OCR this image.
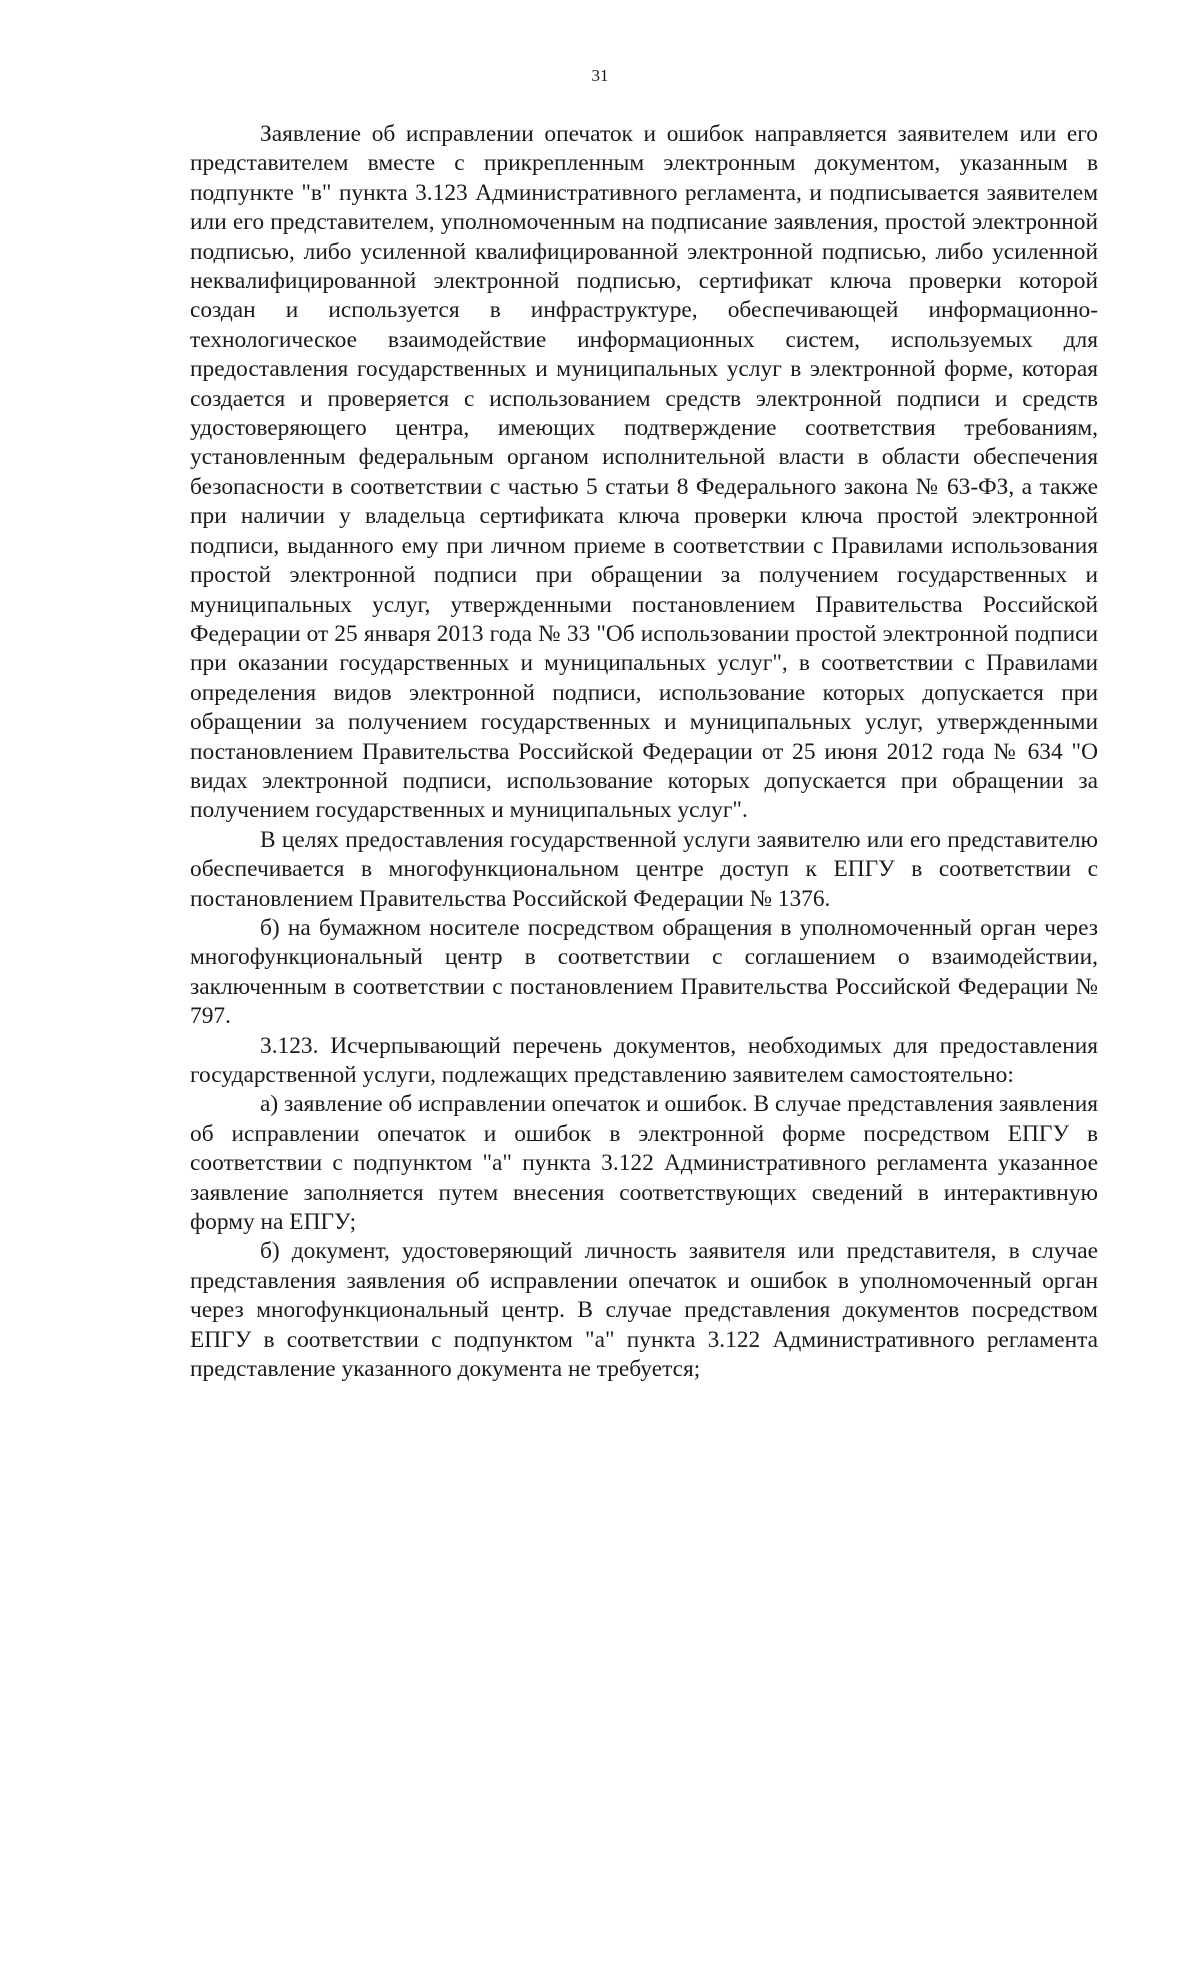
31

Заявление об исправлении опечаток и ошибок направляется заявителем или его представителем вместе с прикрепленным электронным документом, указанным в подпункте "в" пункта 3.123 Административного регламента, и подписывается заявителем или его представителем, уполномоченным на подписание заявления, простой электронной подписью, либо усиленной квалифицированной электронной подписью, либо усиленной неквалифицированной электронной подписью, сертификат ключа проверки которой создан и используется в инфраструктуре, обеспечивающей информационно-технологическое взаимодействие информационных систем, используемых для предоставления государственных и муниципальных услуг в электронной форме, которая создается и проверяется с использованием средств электронной подписи и средств удостоверяющего центра, имеющих подтверждение соответствия требованиям, установленным федеральным органом исполнительной власти в области обеспечения безопасности в соответствии с частью 5 статьи 8 Федерального закона № 63-ФЗ, а также при наличии у владельца сертификата ключа проверки ключа простой электронной подписи, выданного ему при личном приеме в соответствии с Правилами использования простой электронной подписи при обращении за получением государственных и муниципальных услуг, утвержденными постановлением Правительства Российской Федерации от 25 января 2013 года № 33 "Об использовании простой электронной подписи при оказании государственных и муниципальных услуг", в соответствии с Правилами определения видов электронной подписи, использование которых допускается при обращении за получением государственных и муниципальных услуг, утвержденными постановлением Правительства Российской Федерации от 25 июня 2012 года № 634 "О видах электронной подписи, использование которых допускается при обращении за получением государственных и муниципальных услуг".

В целях предоставления государственной услуги заявителю или его представителю обеспечивается в многофункциональном центре доступ к ЕПГУ в соответствии с постановлением Правительства Российской Федерации № 1376.

б) на бумажном носителе посредством обращения в уполномоченный орган через многофункциональный центр в соответствии с соглашением о взаимодействии, заключенным в соответствии с постановлением Правительства Российской Федерации № 797.

3.123. Исчерпывающий перечень документов, необходимых для предоставления государственной услуги, подлежащих представлению заявителем самостоятельно:

а) заявление об исправлении опечаток и ошибок. В случае представления заявления об исправлении опечаток и ошибок в электронной форме посредством ЕПГУ в соответствии с подпунктом "а" пункта 3.122 Административного регламента указанное заявление заполняется путем внесения соответствующих сведений в интерактивную форму на ЕПГУ;

б) документ, удостоверяющий личность заявителя или представителя, в случае представления заявления об исправлении опечаток и ошибок в уполномоченный орган через многофункциональный центр. В случае представления документов посредством ЕПГУ в соответствии с подпунктом "а" пункта 3.122 Административного регламента представление указанного документа не требуется;
